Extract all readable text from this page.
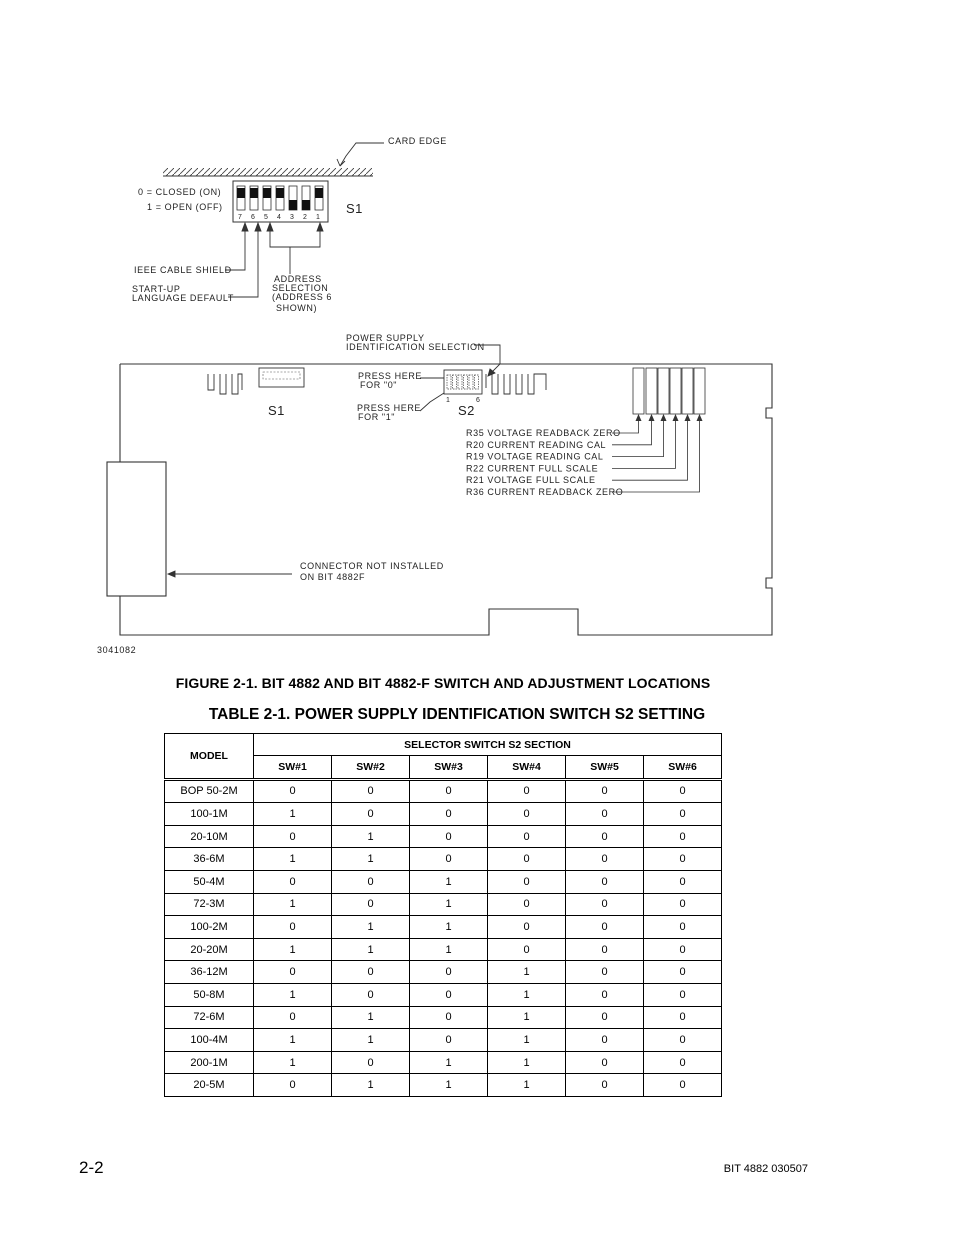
CARD EDGE
7 6 5 4 3 2 1
0 = CLOSED (ON)
1 = OPEN (OFF)	S1
IEEE CABLE SHIELD
START-UP
LANGUAGE DEFAULT
ADDRESS
SELECTION
(ADDRESS 6
SHOWN)
CONNECTOR NOT INSTALLED
ON BIT 4882F
S1
1	6
S2
POWER SUPPLY
IDENTIFICATION SELECTION
PRESS HERE
FOR "0"
PRESS HERE
FOR "1"
R35 VOLTAGE READBACK ZERO
R20 CURRENT READING CAL
R19 VOLTAGE READING CAL
R22 CURRENT FULL SCALE
R21 VOLTAGE FULL SCALE
R36 CURRENT READBACK ZERO
3041082
FIGURE 2-1. BIT 4882 AND BIT 4882-F SWITCH AND ADJUSTMENT LOCATIONS
TABLE 2-1. POWER SUPPLY IDENTIFICATION SWITCH S2 SETTING
MODEL	SELECTOR SWITCH S2 SECTION					
	SW#1	SW#2	SW#3	SW#4	SW#5	SW#6
BOP 50-2M	0	0	0	0	0	0
100-1M	1	0	0	0	0	0
20-10M	0	1	0	0	0	0
36-6M	1	1	0	0	0	0
50-4M	0	0	1	0	0	0
72-3M	1	0	1	0	0	0
100-2M	0	1	1	0	0	0
20-20M	1	1	1	0	0	0
36-12M	0	0	0	1	0	0
50-8M	1	0	0	1	0	0
72-6M	0	1	0	1	0	0
100-4M	1	1	0	1	0	0
200-1M	1	0	1	1	0	0
20-5M	0	1	1	1	0	0
2-2	BIT 4882 030507
